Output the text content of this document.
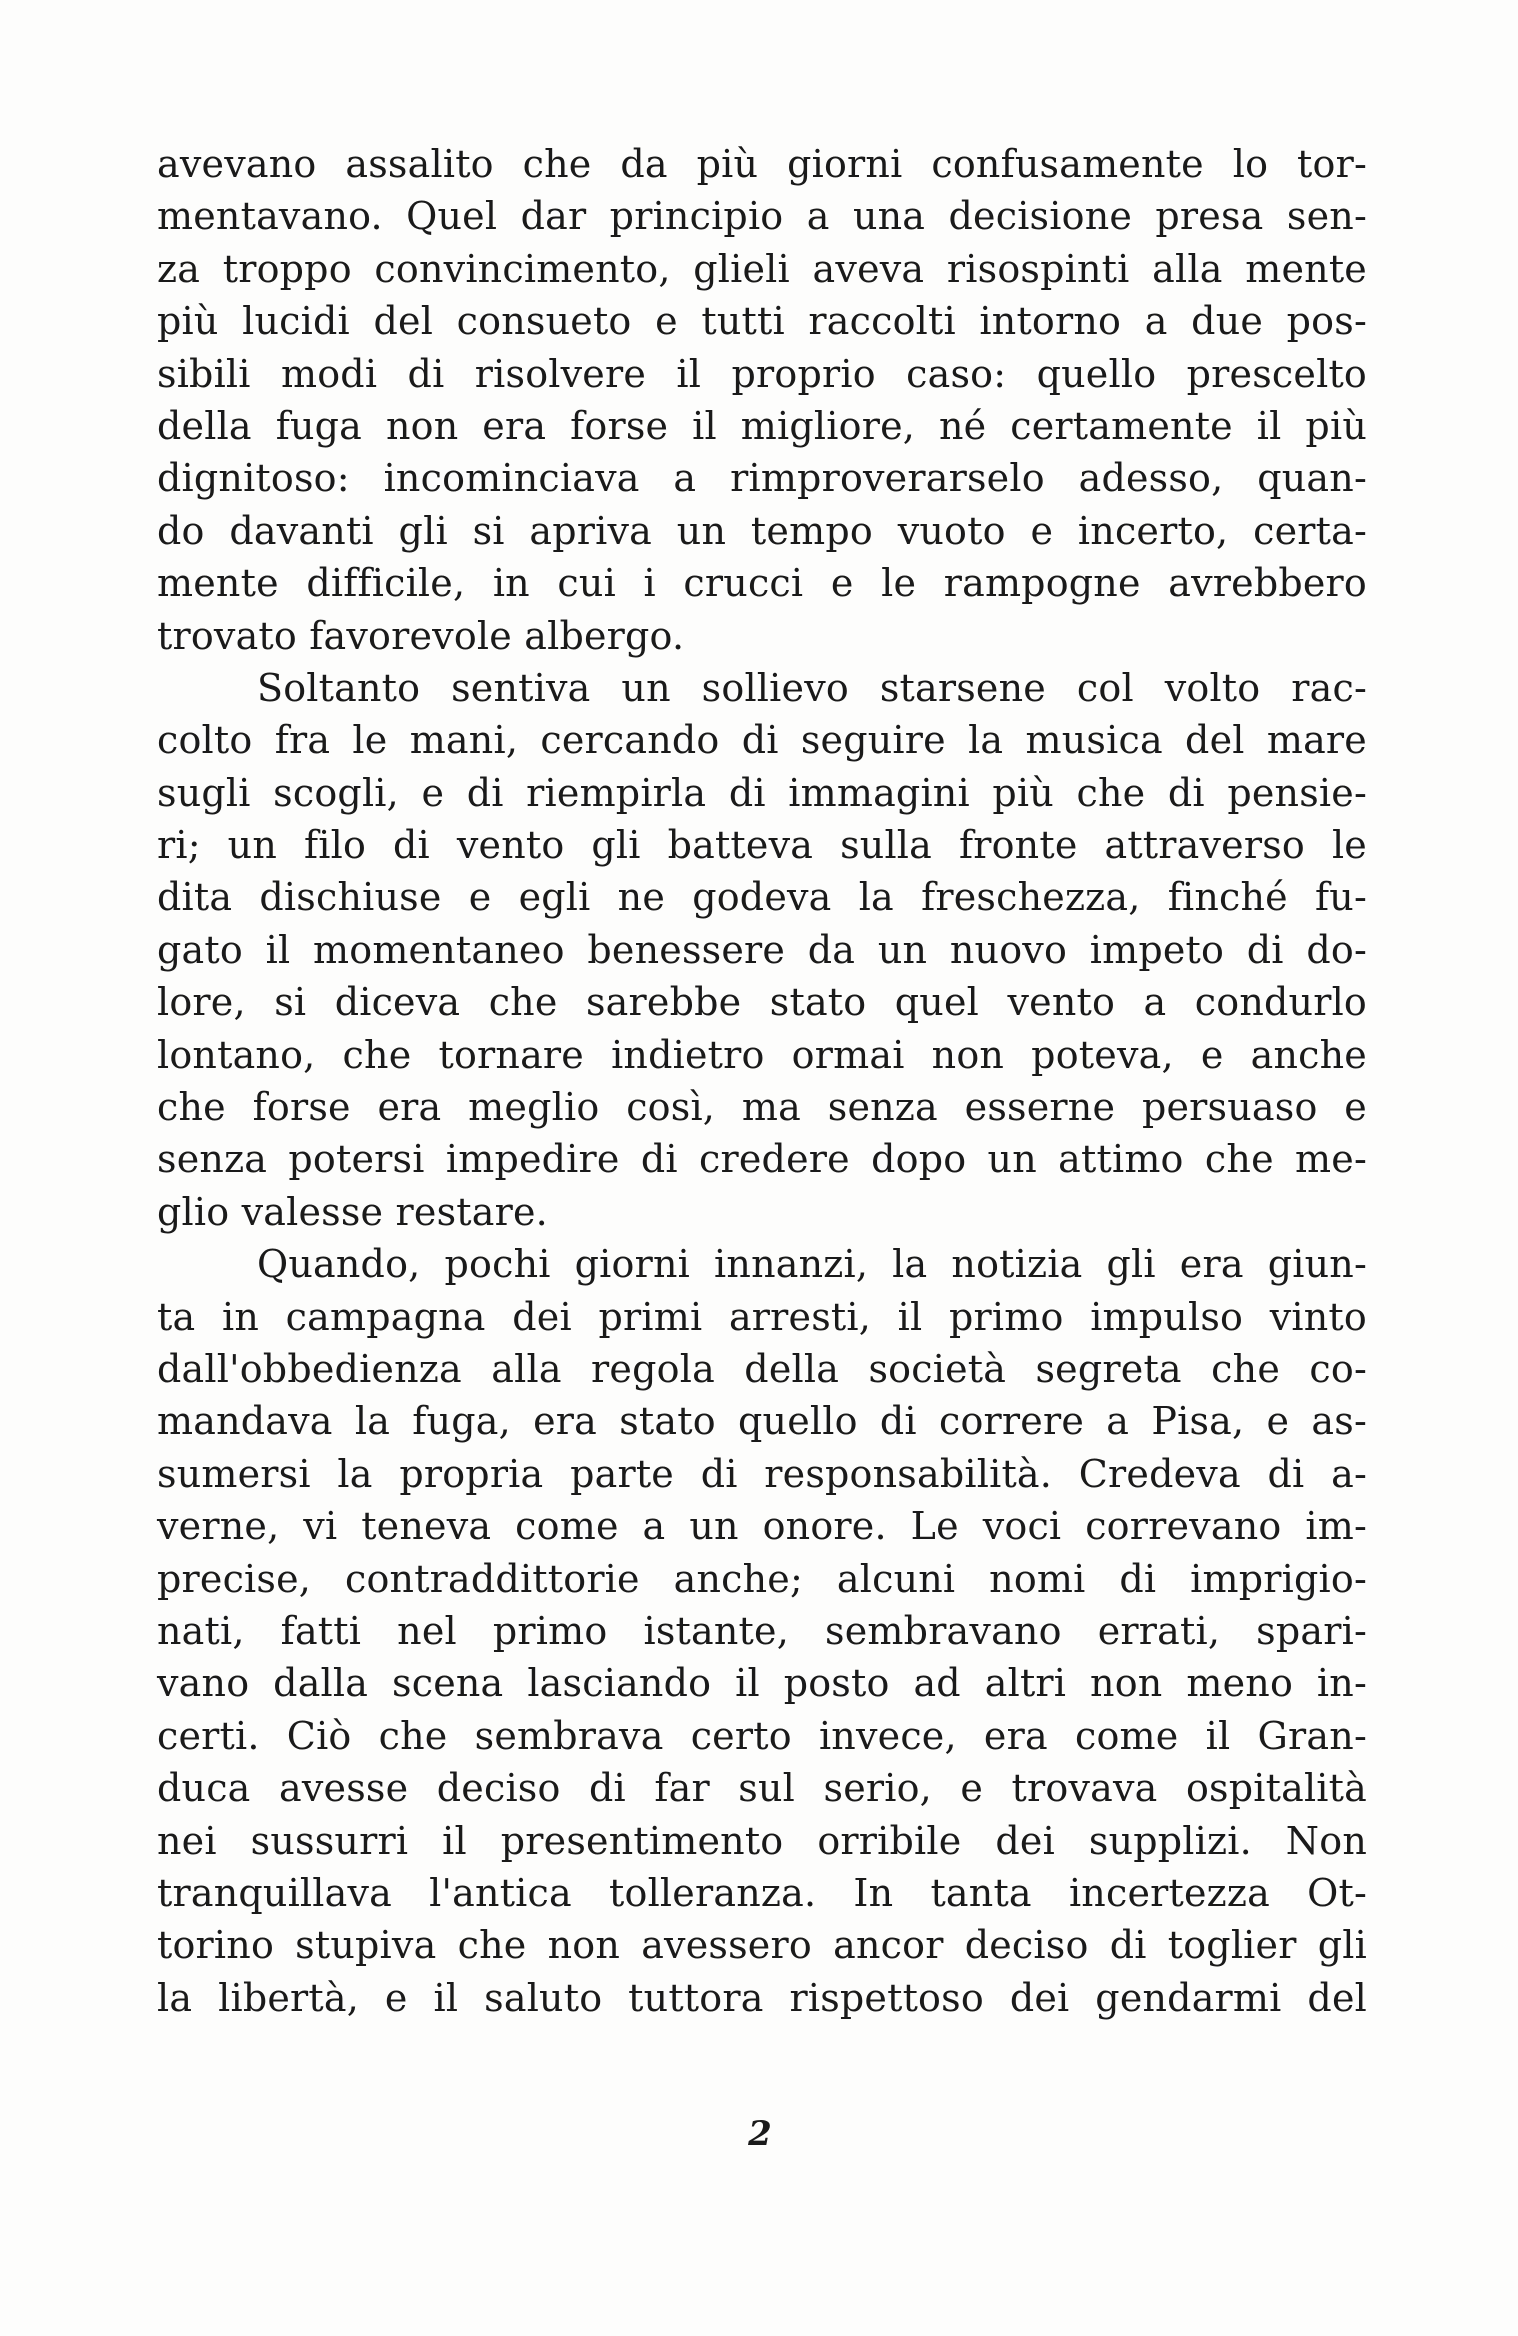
avevano assalito che da più giorni confusamente lo tor-
mentavano. Quel dar principio a una decisione presa sen-
za troppo convincimento, glieli aveva risospinti alla mente
più lucidi del consueto e tutti raccolti intorno a due pos-
sibili modi di risolvere il proprio caso: quello prescelto
della fuga non era forse il migliore, né certamente il più
dignitoso: incominciava a rimproverarselo adesso, quan-
do davanti gli si apriva un tempo vuoto e incerto, certa-
mente difficile, in cui i crucci e le rampogne avrebbero
trovato favorevole albergo.
Soltanto sentiva un sollievo starsene col volto rac-
colto fra le mani, cercando di seguire la musica del mare
sugli scogli, e di riempirla di immagini più che di pensie-
ri; un filo di vento gli batteva sulla fronte attraverso le
dita dischiuse e egli ne godeva la freschezza, finché fu-
gato il momentaneo benessere da un nuovo impeto di do-
lore, si diceva che sarebbe stato quel vento a condurlo
lontano, che tornare indietro ormai non poteva, e anche
che forse era meglio così, ma senza esserne persuaso e
senza potersi impedire di credere dopo un attimo che me-
glio valesse restare.
Quando, pochi giorni innanzi, la notizia gli era giun-
ta in campagna dei primi arresti, il primo impulso vinto
dall'obbedienza alla regola della società segreta che co-
mandava la fuga, era stato quello di correre a Pisa, e as-
sumersi la propria parte di responsabilità. Credeva di a-
verne, vi teneva come a un onore. Le voci correvano im-
precise, contraddittorie anche; alcuni nomi di imprigio-
nati, fatti nel primo istante, sembravano errati, spari-
vano dalla scena lasciando il posto ad altri non meno in-
certi. Ciò che sembrava certo invece, era come il Gran-
duca avesse deciso di far sul serio, e trovava ospitalità
nei sussurri il presentimento orribile dei supplizi. Non
tranquillava l'antica tolleranza. In tanta incertezza Ot-
torino stupiva che non avessero ancor deciso di toglier gli
la libertà, e il saluto tuttora rispettoso dei gendarmi del
2
